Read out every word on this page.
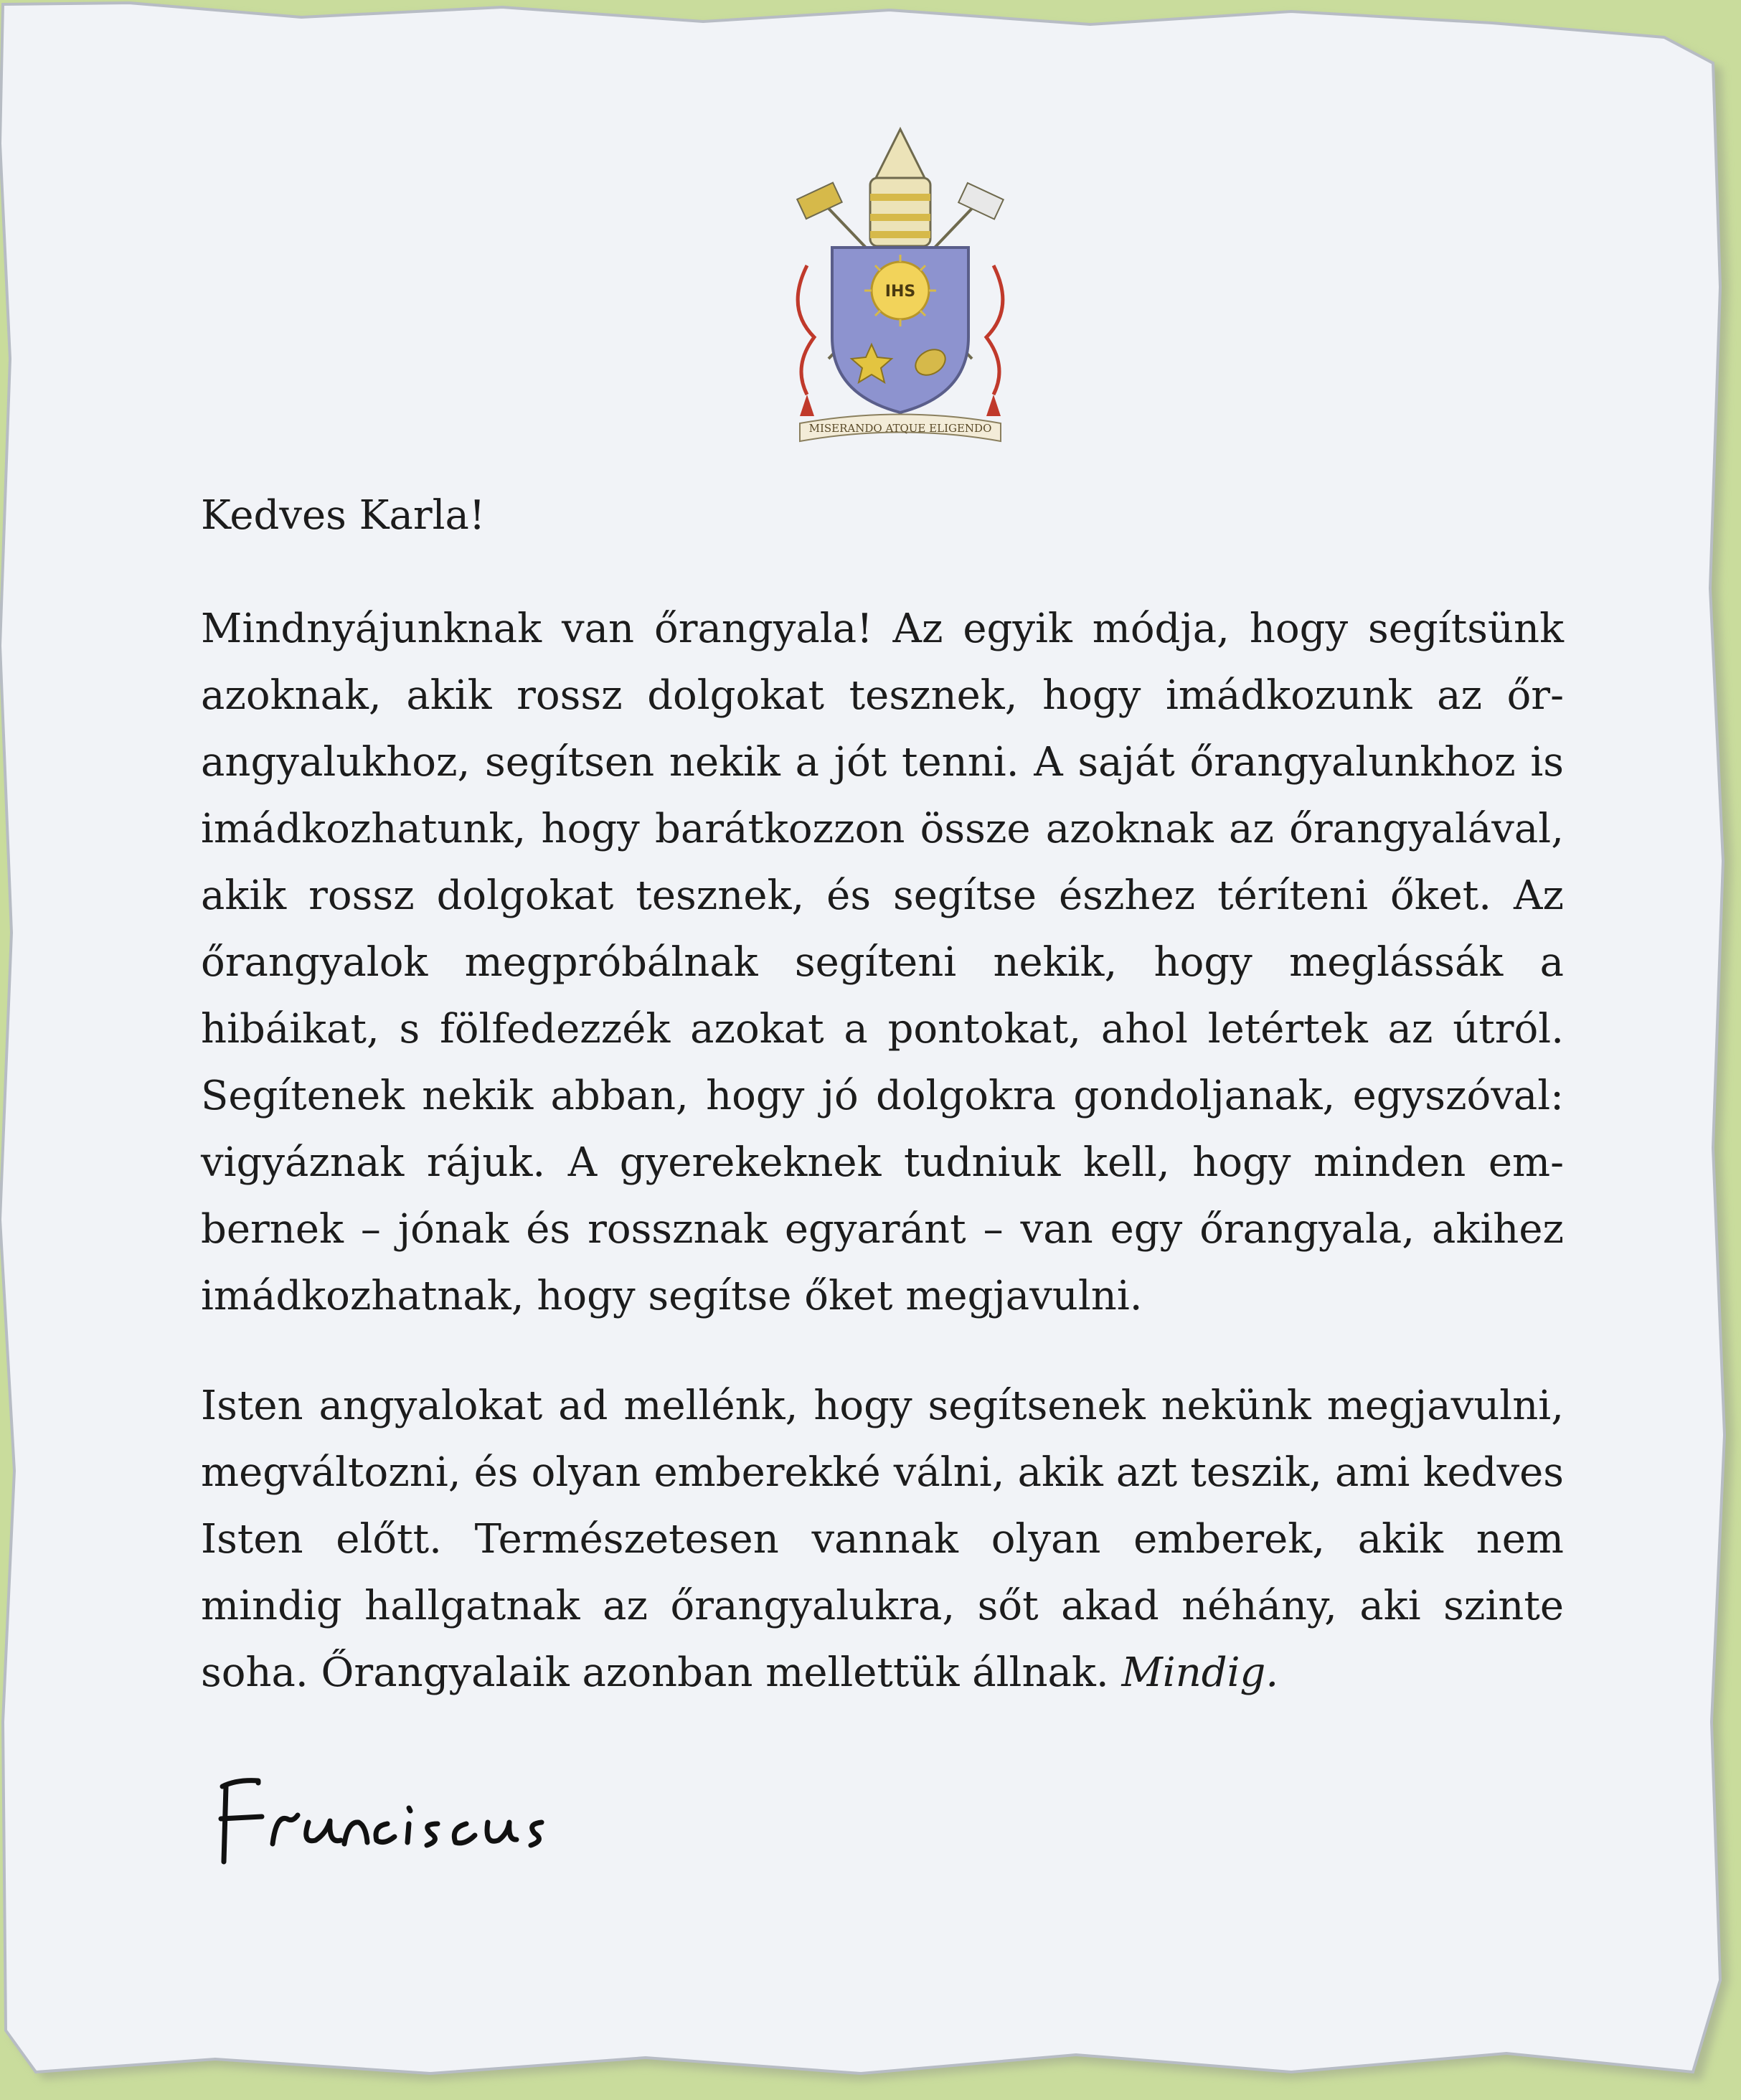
IHS
MISERANDO ATQUE ELIGENDO

Kedves Karla!

Mindnyájunknak van őrangyala! Az egyik módja, hogy segítsünk azoknak, akik rossz dolgokat tesznek, hogy imádkozunk az őrangyalukhoz, segítsen nekik a jót tenni. A saját őrangyalunkhoz is imádkozhatunk, hogy barátkozzon össze azoknak az őrangyalával, akik rossz dolgokat tesznek, és segítse észhez téríteni őket. Az őrangyalok megpróbálnak segíteni nekik, hogy meglássák a hibáikat, s fölfedezzék azokat a pontokat, ahol letértek az útról. Segítenek nekik abban, hogy jó dolgokra gondoljanak, egyszóval: vigyáznak rájuk. A gyerekeknek tudniuk kell, hogy minden embernek – jónak és rossznak egyaránt – van egy őrangyala, akihez imádkozhatnak, hogy segítse őket megjavulni.

Isten angyalokat ad mellénk, hogy segítsenek nekünk megjavulni, megváltozni, és olyan emberekké válni, akik azt teszik, ami kedves Isten előtt. Természetesen vannak olyan emberek, akik nem mindig hallgatnak az őrangyalukra, sőt akad néhány, aki szinte soha. Őrangyalaik azonban mellettük állnak. Mindig.
